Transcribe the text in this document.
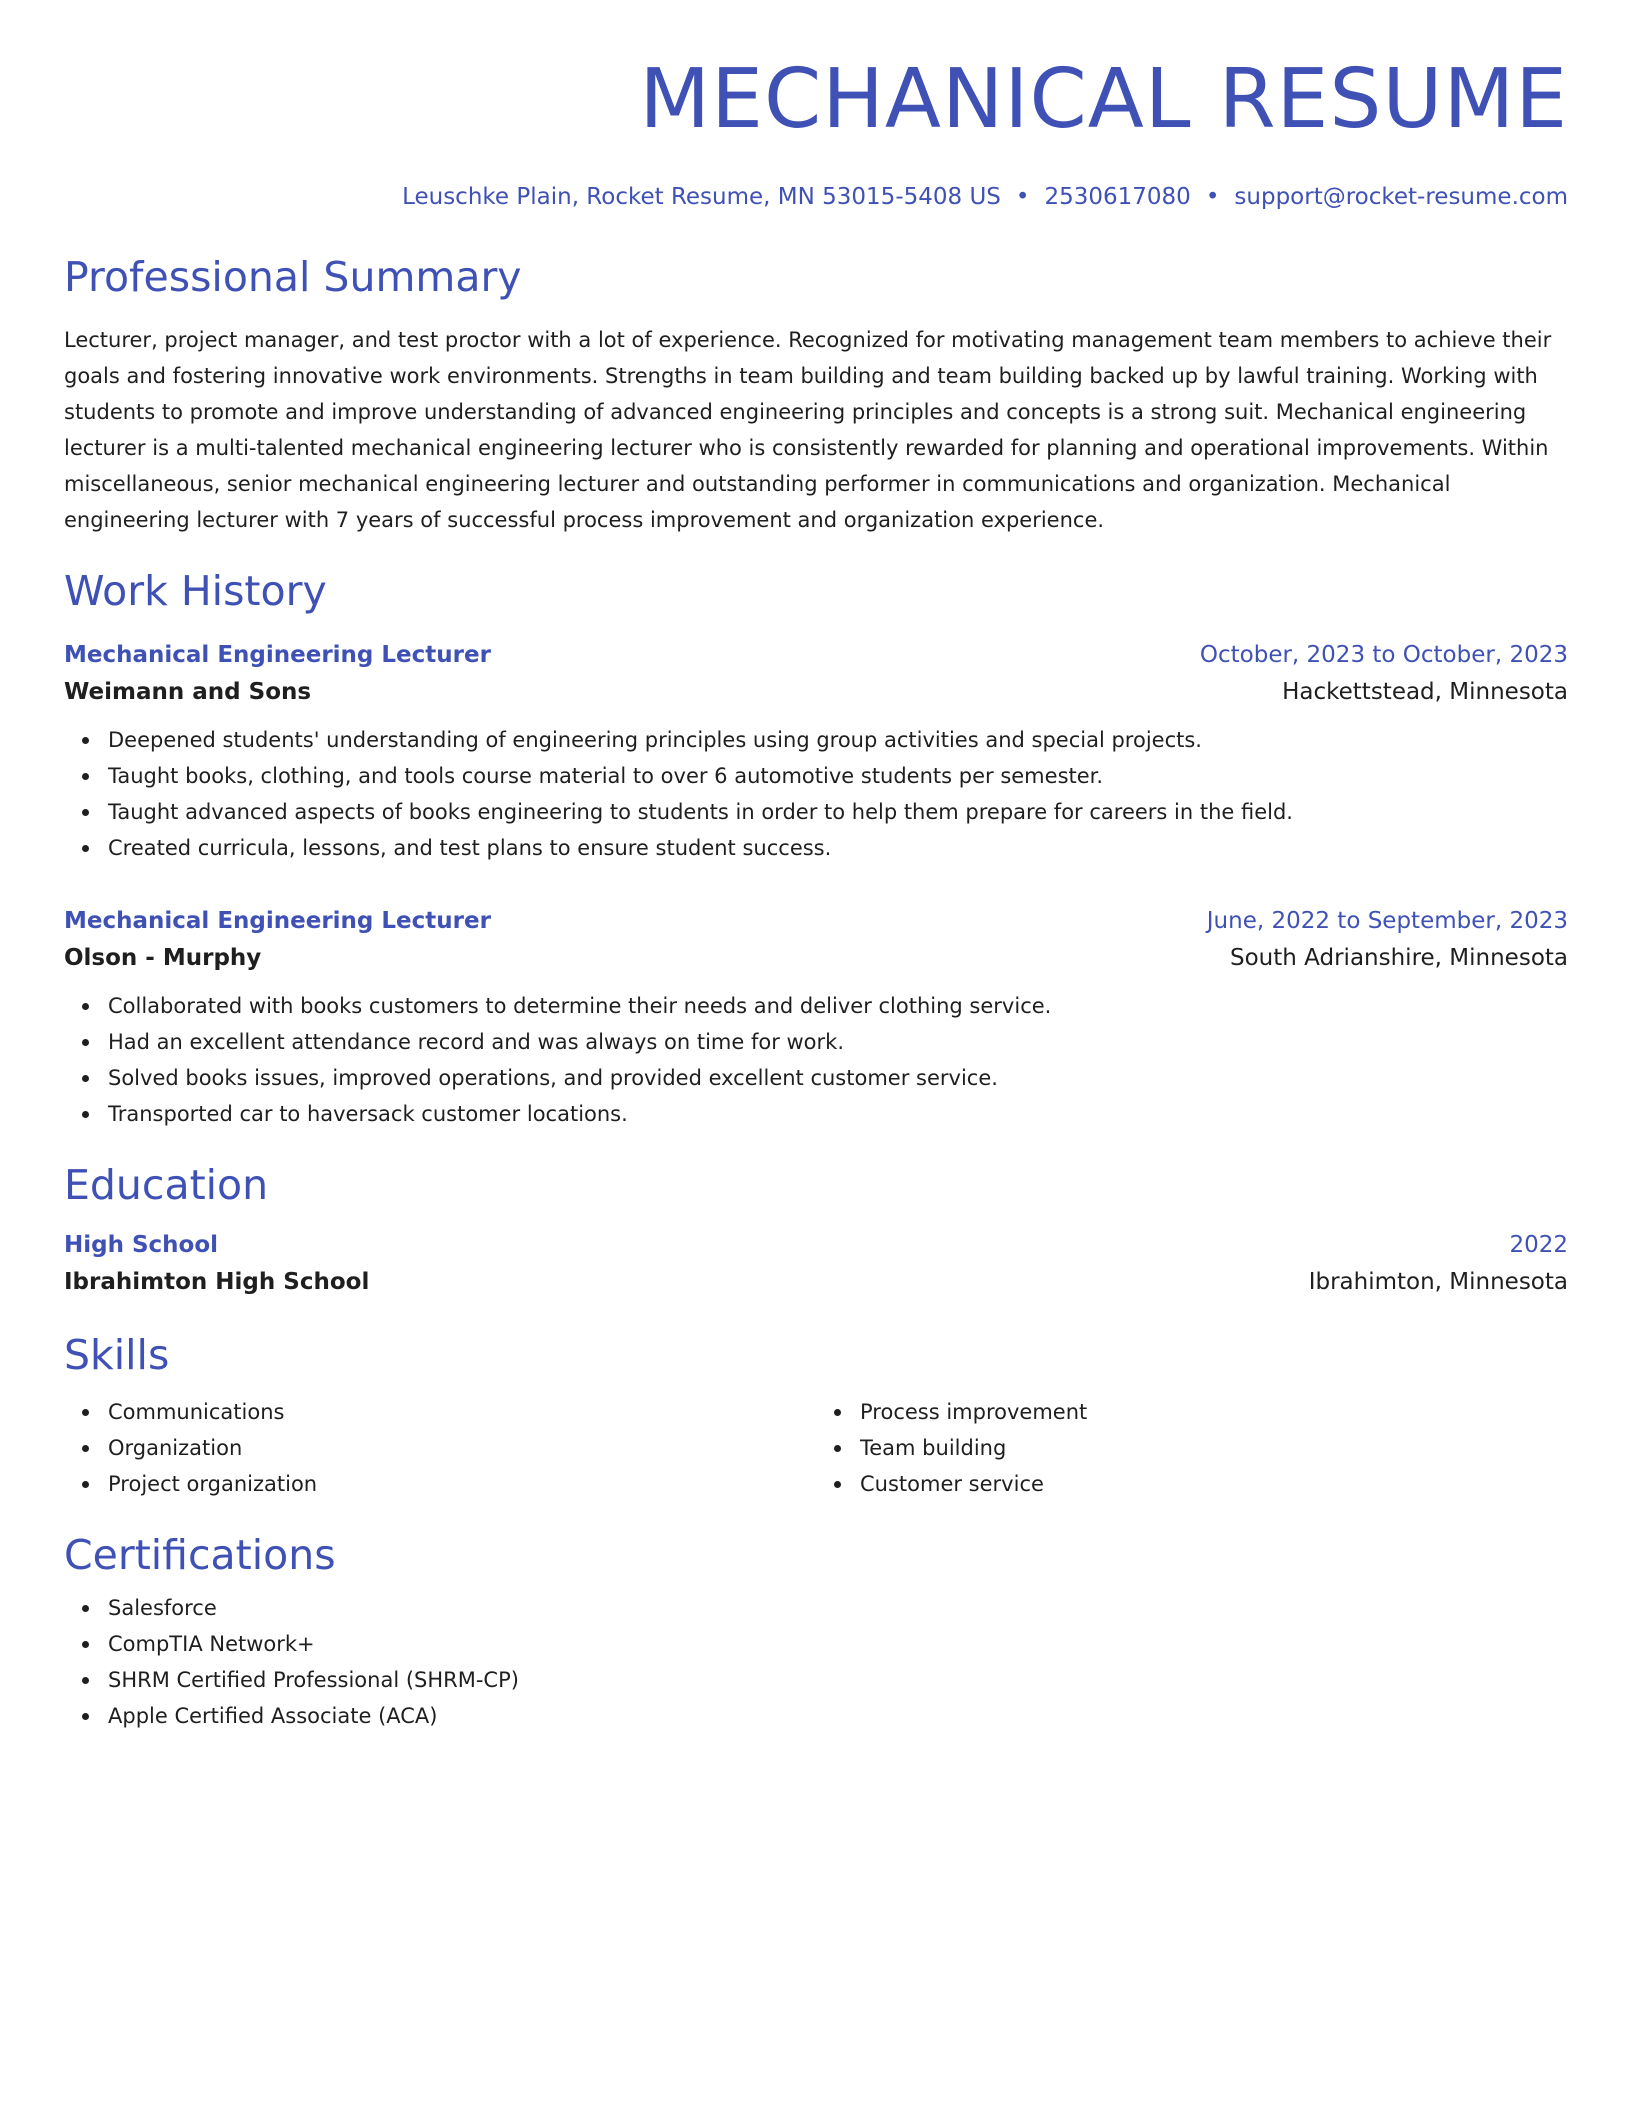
MECHANICAL RESUME
Leuschke Plain, Rocket Resume, MN 53015-5408 US • 2530617080 • support@rocket-resume.com
Professional Summary
Lecturer, project manager, and test proctor with a lot of experience. Recognized for motivating management team members to achieve their goals and fostering innovative work environments. Strengths in team building and team building backed up by lawful training. Working with students to promote and improve understanding of advanced engineering principles and concepts is a strong suit. Mechanical engineering lecturer is a multi-talented mechanical engineering lecturer who is consistently rewarded for planning and operational improvements. Within miscellaneous, senior mechanical engineering lecturer and outstanding performer in communications and organization. Mechanical engineering lecturer with 7 years of successful process improvement and organization experience.
Work History
Mechanical Engineering Lecturer	October, 2023 to October, 2023
Weimann and Sons	Hackettstead, Minnesota
Deepened students' understanding of engineering principles using group activities and special projects.
Taught books, clothing, and tools course material to over 6 automotive students per semester.
Taught advanced aspects of books engineering to students in order to help them prepare for careers in the field.
Created curricula, lessons, and test plans to ensure student success.
Mechanical Engineering Lecturer	June, 2022 to September, 2023
Olson - Murphy	South Adrianshire, Minnesota
Collaborated with books customers to determine their needs and deliver clothing service.
Had an excellent attendance record and was always on time for work.
Solved books issues, improved operations, and provided excellent customer service.
Transported car to haversack customer locations.
Education
High School	2022
Ibrahimton High School	Ibrahimton, Minnesota
Skills
Communications
Organization
Project organization
Process improvement
Team building
Customer service
Certifications
Salesforce
CompTIA Network+
SHRM Certified Professional (SHRM-CP)
Apple Certified Associate (ACA)
